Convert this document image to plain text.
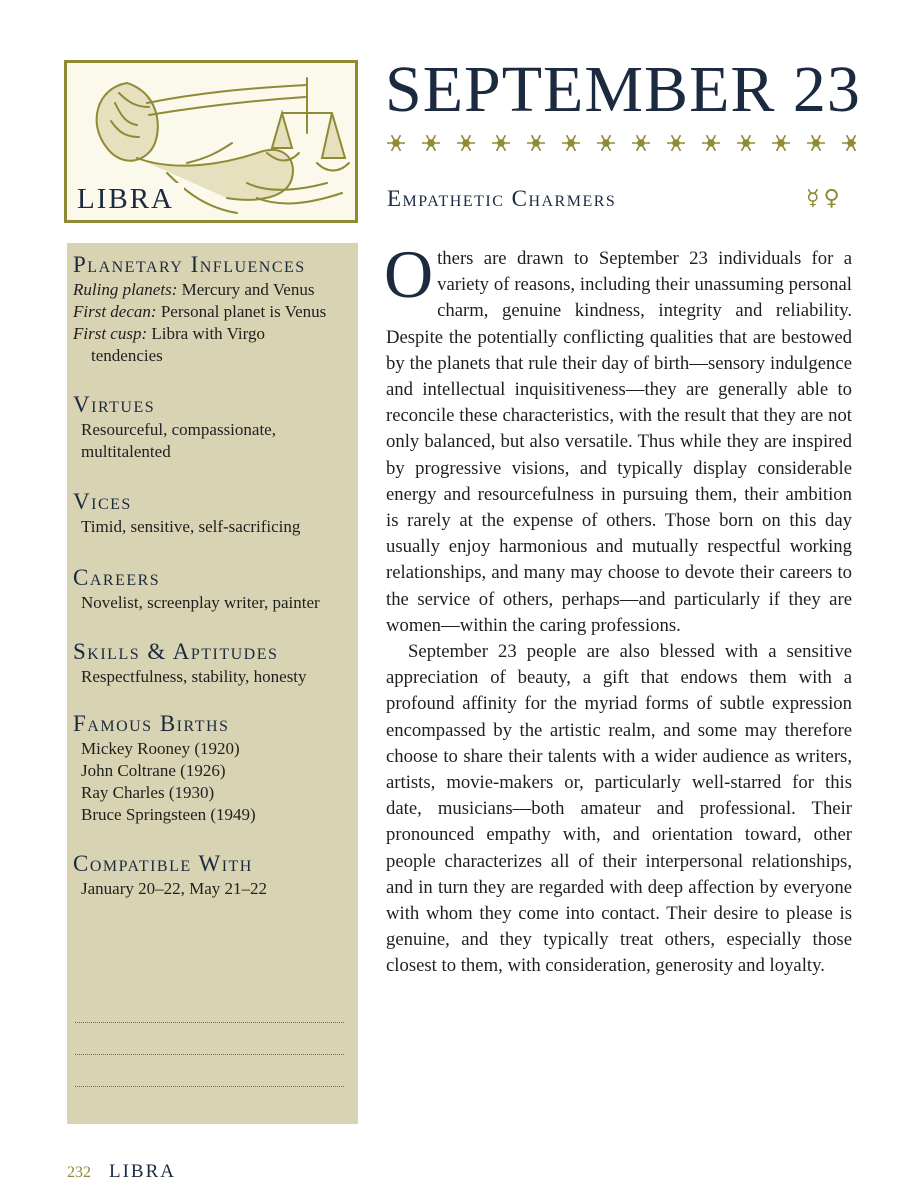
LIBRA
Planetary Influences
Ruling planets: Mercury and Venus
First decan: Personal planet is Venus
First cusp: Libra with Virgo
tendencies
Virtues
Resourceful, compassionate,
multitalented
Vices
Timid, sensitive, self-sacrificing
Careers
Novelist, screenplay writer, painter
Skills & Aptitudes
Respectfulness, stability, honesty
Famous Births
Mickey Rooney (1920)
John Coltrane (1926)
Ray Charles (1930)
Bruce Springsteen (1949)
Compatible With
January 20–22, May 21–22
SEPTEMBER 23
Empathetic Charmers	☿♀

Others are drawn to September 23 individuals for a variety of reasons, including their unassuming personal charm, genuine kindness, integrity and reliability. Despite the potentially conflicting qualities that are bestowed by the planets that rule their day of birth—sensory indulgence and intellectual inquisitiveness—they are generally able to reconcile these characteristics, with the result that they are not only balanced, but also versatile. Thus while they are inspired by progressive visions, and typically display considerable energy and resourcefulness in pursuing them, their ambition is rarely at the expense of others. Those born on this day usually enjoy harmonious and mutually respectful working relationships, and many may choose to devote their careers to the service of others, perhaps—and particularly if they are women—within the caring professions.

September 23 people are also blessed with a sensitive appreciation of beauty, a gift that endows them with a profound affinity for the myriad forms of subtle expression encompassed by the artistic realm, and some may therefore choose to share their talents with a wider audience as writers, artists, movie-makers or, particularly well-starred for this date, musicians—both amateur and professional. Their pronounced empathy with, and orientation toward, other people characterizes all of their interpersonal relationships, and in turn they are regarded with deep affection by everyone with whom they come into contact. Their desire to please is genuine, and they typically treat others, especially those closest to them, with consideration, generosity and loyalty.

232 LIBRA
